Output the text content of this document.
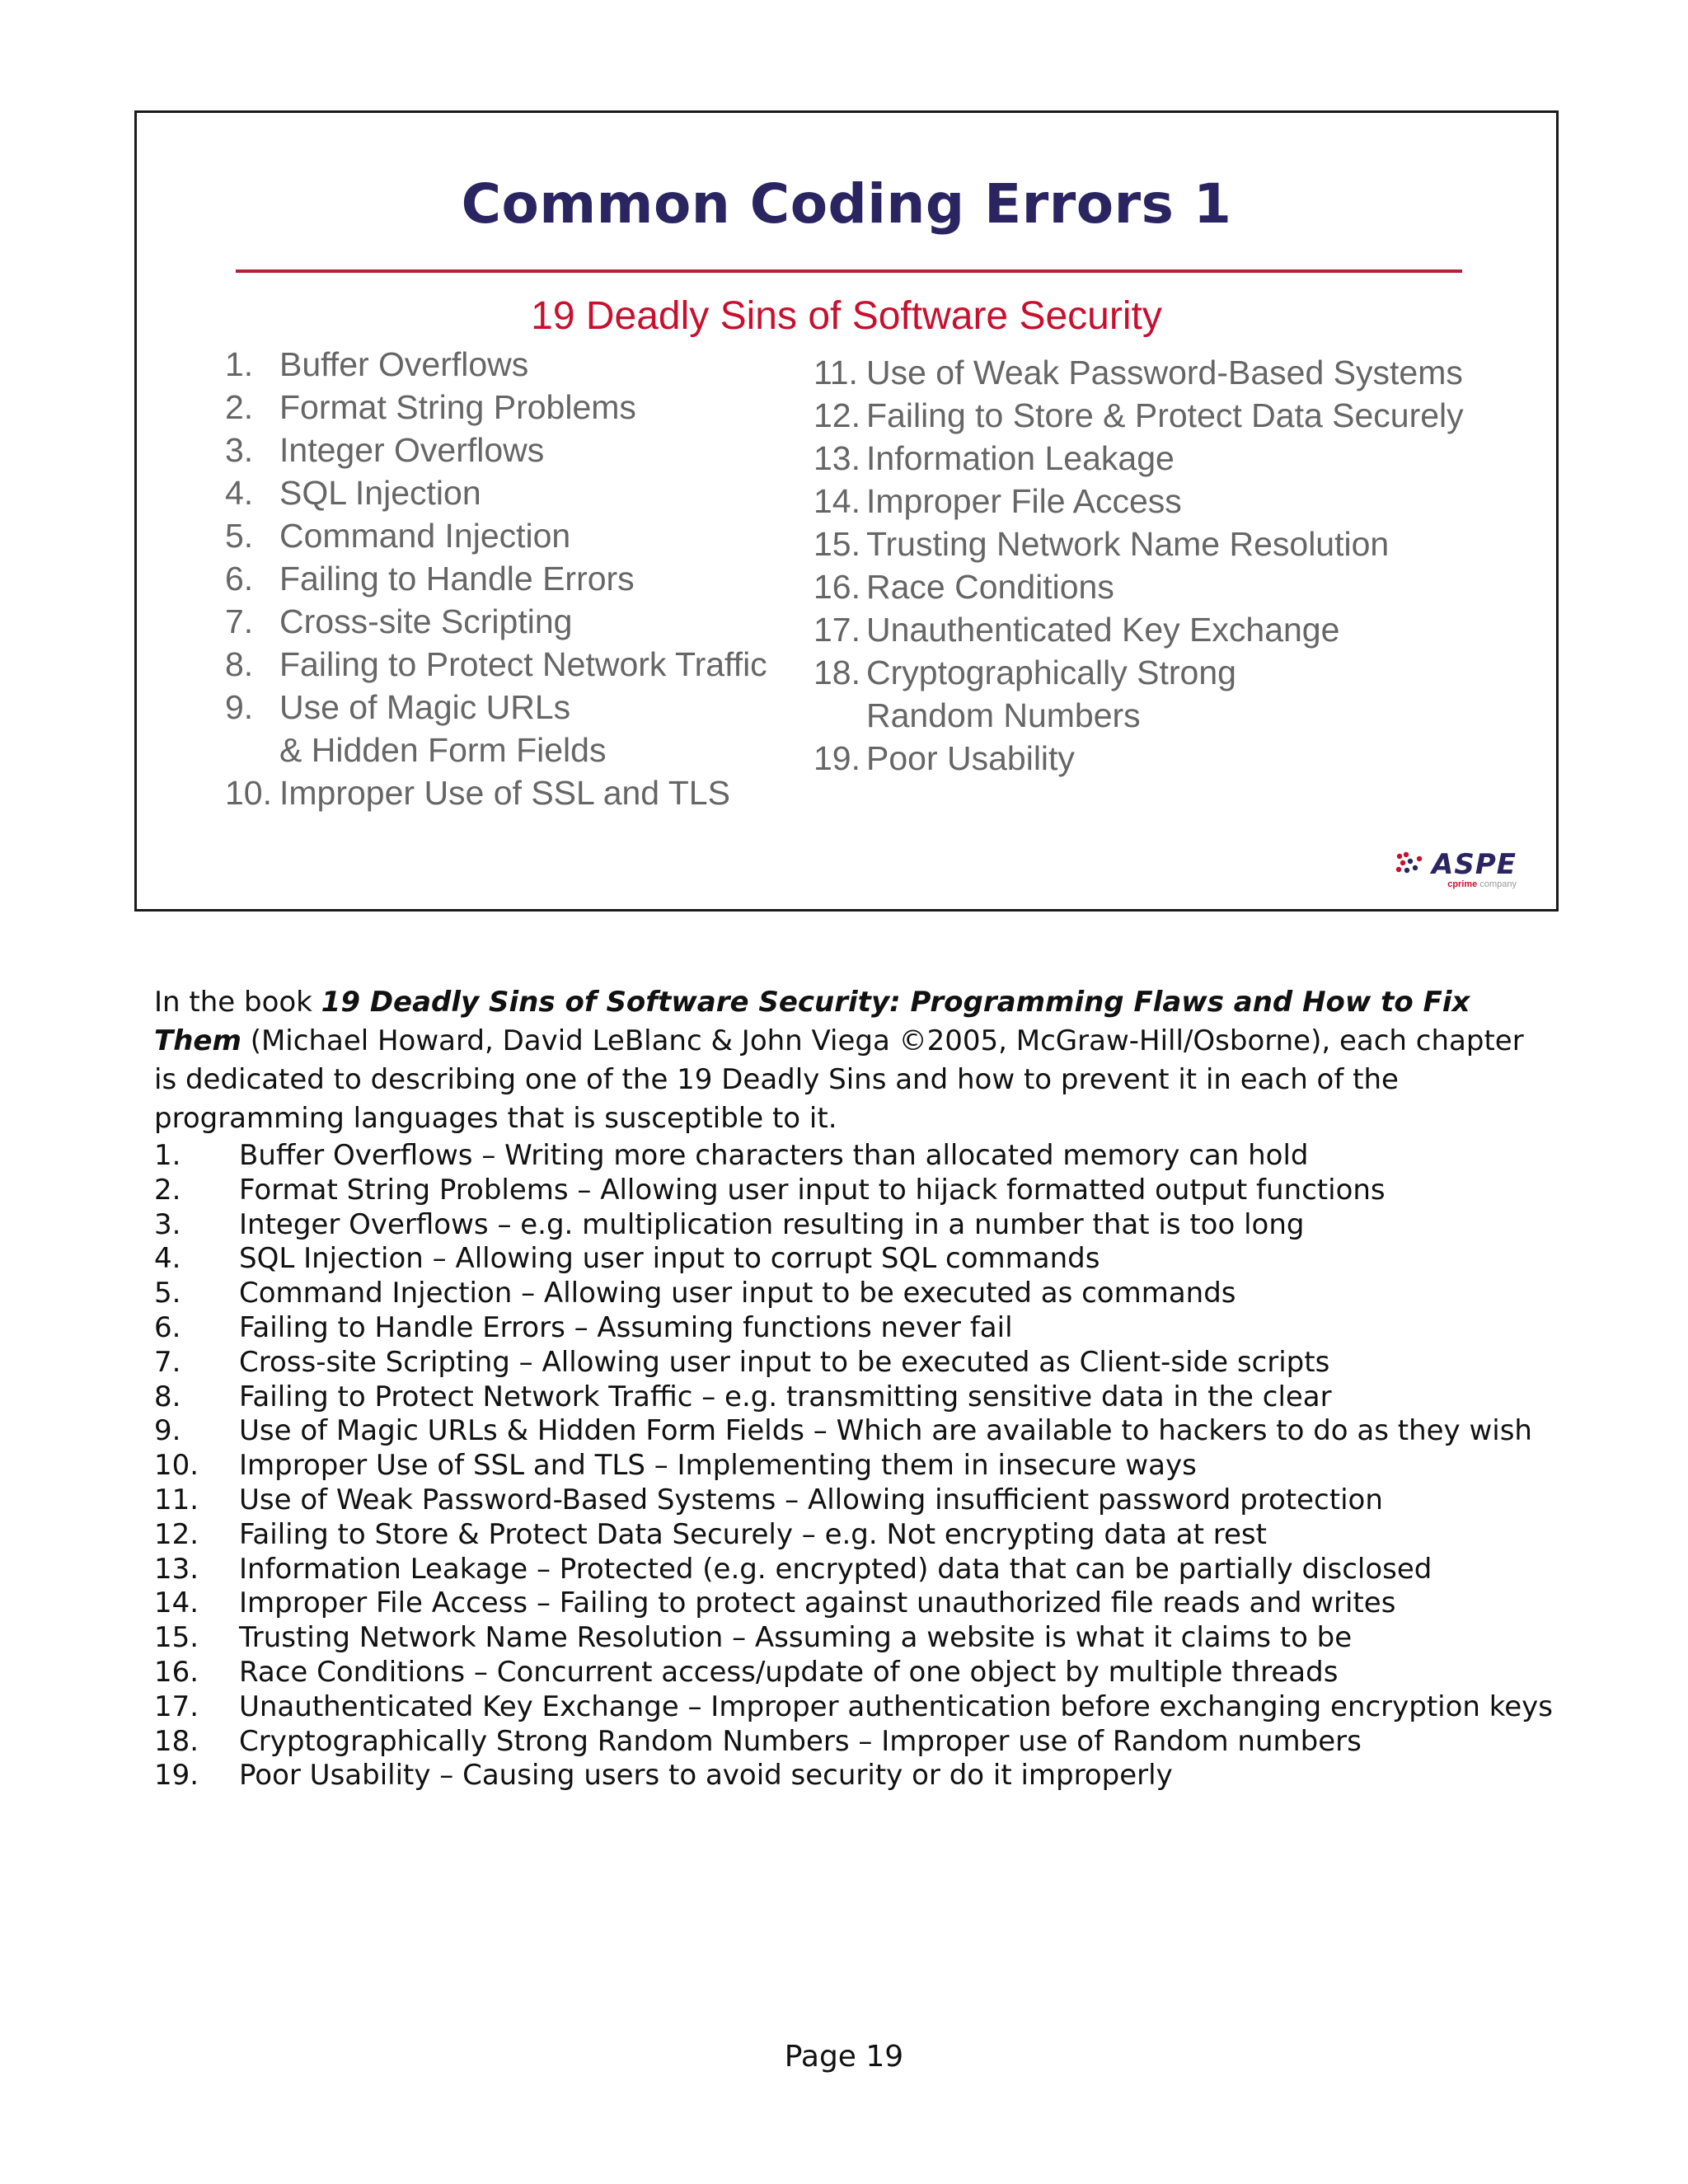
Common Coding Errors 1
19 Deadly Sins of Software Security
1. Buffer Overflows
2. Format String Problems
3. Integer Overflows
4. SQL Injection
5. Command Injection
6. Failing to Handle Errors
7. Cross-site Scripting
8. Failing to Protect Network Traffic
9. Use of Magic URLs
& Hidden Form Fields
10. Improper Use of SSL and TLS
11. Use of Weak Password-Based Systems
12. Failing to Store & Protect Data Securely
13. Information Leakage
14. Improper File Access
15. Trusting Network Name Resolution
16. Race Conditions
17. Unauthenticated Key Exchange
18. Cryptographically Strong
Random Numbers
19. Poor Usability
ASPE
cprime company
In the book 19 Deadly Sins of Software Security: Programming Flaws and How to Fix Them (Michael Howard, David LeBlanc & John Viega ©2005, McGraw-Hill/Osborne), each chapter is dedicated to describing one of the 19 Deadly Sins and how to prevent it in each of the programming languages that is susceptible to it.
1. Buffer Overflows – Writing more characters than allocated memory can hold
2. Format String Problems – Allowing user input to hijack formatted output functions
3. Integer Overflows – e.g. multiplication resulting in a number that is too long
4. SQL Injection – Allowing user input to corrupt SQL commands
5. Command Injection – Allowing user input to be executed as commands
6. Failing to Handle Errors – Assuming functions never fail
7. Cross-site Scripting – Allowing user input to be executed as Client-side scripts
8. Failing to Protect Network Traffic – e.g. transmitting sensitive data in the clear
9. Use of Magic URLs & Hidden Form Fields – Which are available to hackers to do as they wish
10. Improper Use of SSL and TLS – Implementing them in insecure ways
11. Use of Weak Password-Based Systems – Allowing insufficient password protection
12. Failing to Store & Protect Data Securely – e.g. Not encrypting data at rest
13. Information Leakage – Protected (e.g. encrypted) data that can be partially disclosed
14. Improper File Access – Failing to protect against unauthorized file reads and writes
15. Trusting Network Name Resolution – Assuming a website is what it claims to be
16. Race Conditions – Concurrent access/update of one object by multiple threads
17. Unauthenticated Key Exchange – Improper authentication before exchanging encryption keys
18. Cryptographically Strong Random Numbers – Improper use of Random numbers
19. Poor Usability – Causing users to avoid security or do it improperly
Page 19
